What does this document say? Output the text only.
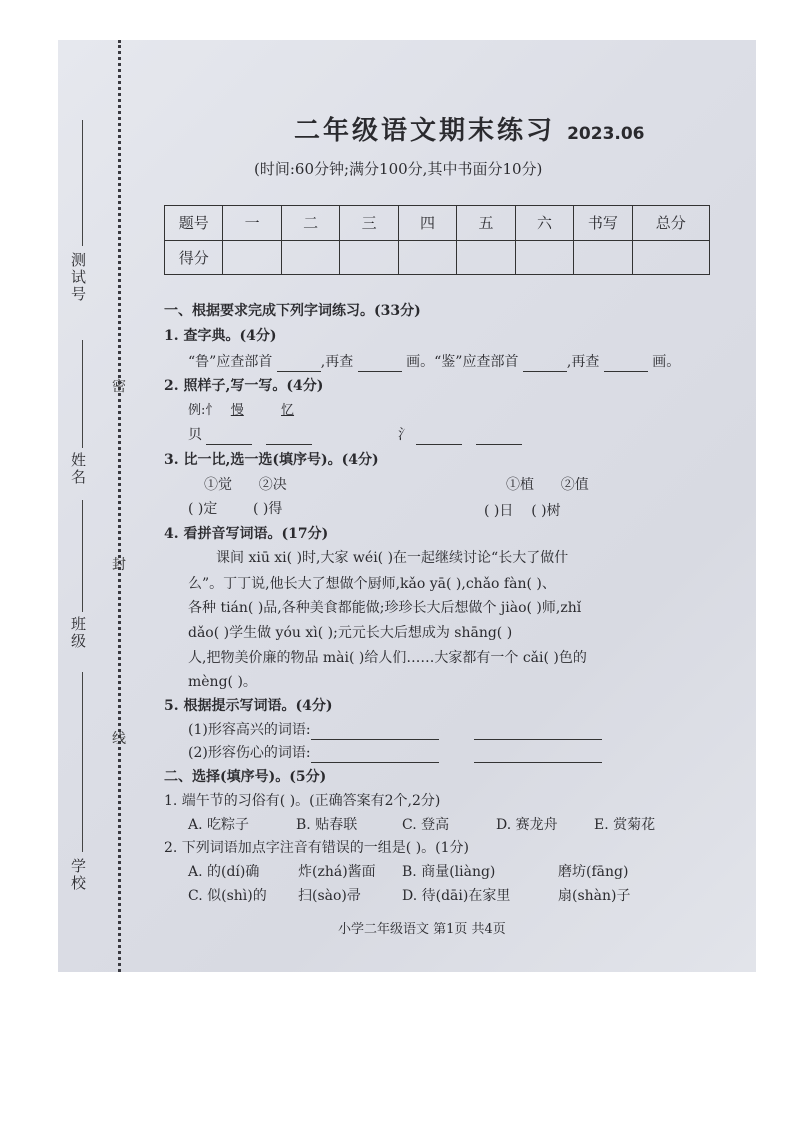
测试号
姓名
班级
学校
密
封
线
二年级语文期末练习 2023.06
(时间:60分钟;满分100分,其中书面分10分)
题号	一	二	三	四	五	六	书写	总分
得分								
一、根据要求完成下列字词练习。(33分)
1. 查字典。(4分)
“鲁”应查部首	,再查	画。“鉴”应查部首	,再查	画。
2. 照样子,写一写。(4分)
例:忄 慢	忆
贝	氵
3. 比一比,选一选(填序号)。(4分)
①觉 ②决	①植 ②值
( )定	( )得	( )日 ( )树
4. 看拼音写词语。(17分)
课间 xiū xi( )时,大家 wéi( )在一起继续讨论“长大了做什
么”。丁丁说,他长大了想做个厨师,kǎo yā( ),chǎo fàn( )、
各种 tián( )品,各种美食都能做;珍珍长大后想做个 jiào( )师,zhǐ
dǎo( )学生做 yóu xì( );元元长大后想成为 shāng( )
人,把物美价廉的物品 mài( )给人们……大家都有一个 cǎi( )色的
mèng( )。
5. 根据提示写词语。(4分)
(1)形容高兴的词语:
(2)形容伤心的词语:
二、选择(填序号)。(5分)
1. 端午节的习俗有( )。(正确答案有2个,2分)
A. 吃粽子	B. 贴春联	C. 登高	D. 赛龙舟	E. 赏菊花
2. 下列词语加点字注音有错误的一组是( )。(1分)
A. 的(dí)确	炸(zhá)酱面 B. 商量(liàng)	磨坊(fāng)
C. 似(shì)的 扫(sào)帚	D. 待(dāi)在家里	扇(shàn)子
小学二年级语文 第1页 共4页
